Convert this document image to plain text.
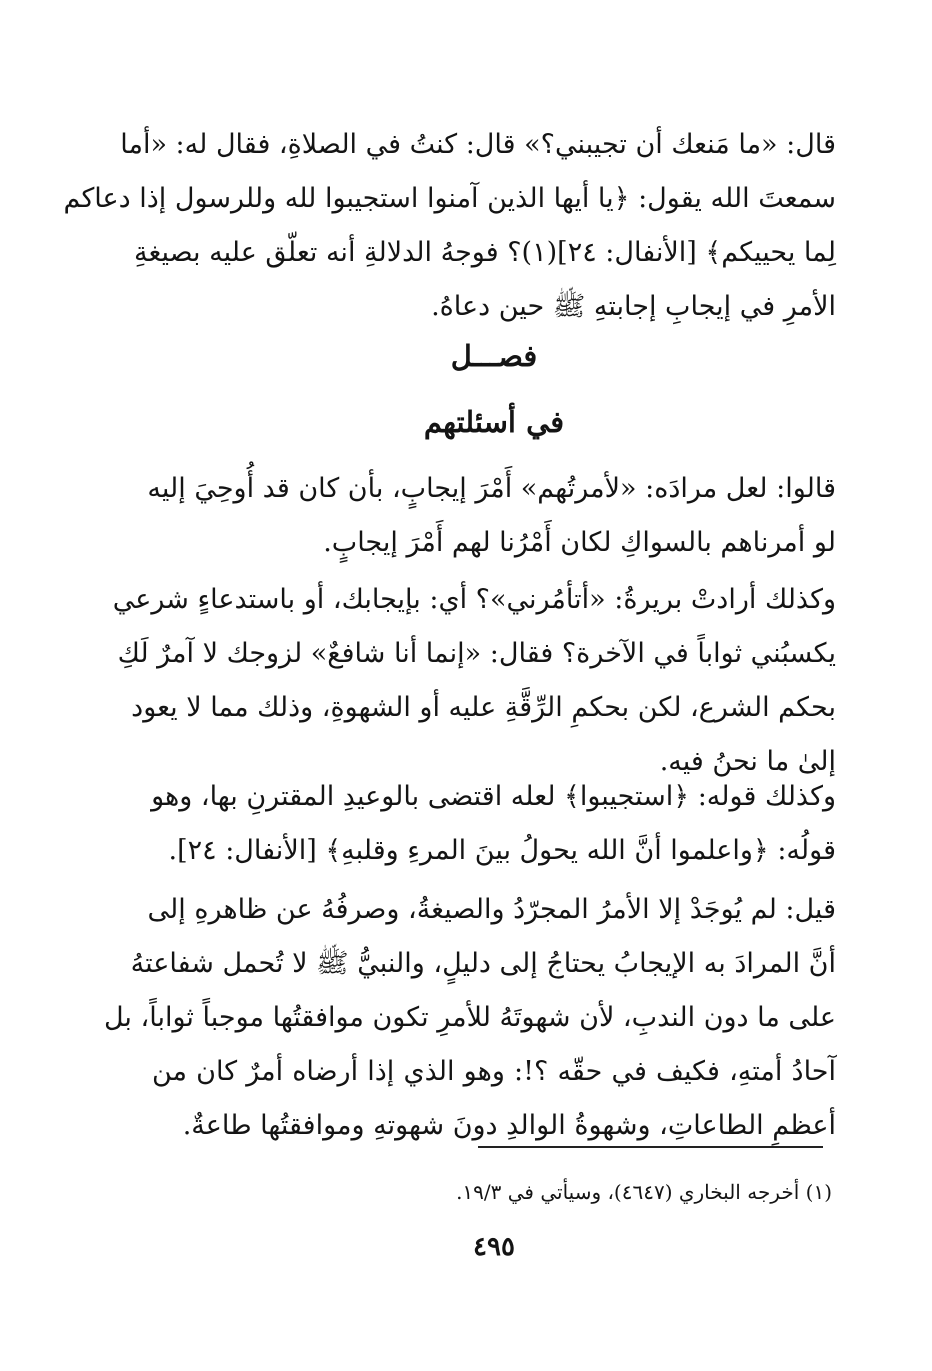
قال: «ما مَنعك أن تجيبني؟» قال: كنتُ في الصلاةِ، فقال له: «أما
سمعتَ الله يقول: ﴿يا أيها الذين آمنوا استجيبوا لله وللرسول إذا دعاكم
لِما يحييكم﴾ [الأنفال: ٢٤](١)؟ فوجهُ الدلالةِ أنه تعلّق عليه بصيغةِ
الأمرِ في إيجابِ إجابتهِ ﷺ حين دعاهُ.
فصـــل
في أسئلتهم
قالوا: لعل مرادَه: «لأمرتُهم» أَمْرَ إيجابٍ، بأن كان قد أُوحِيَ إليه
لو أمرناهم بالسواكِ لكان أَمْرُنا لهم أَمْرَ إيجابٍ.
وكذلك أرادتْ بريرةُ: «أتأمُرني»؟ أي: بإيجابك، أو باستدعاءٍ شرعي
يكسبُني ثواباً في الآخرة؟ فقال: «إنما أنا شافعٌ» لزوجك لا آمرٌ لَكِ
بحكم الشرع، لكن بحكمِ الرِّقَّةِ عليه أو الشهوةِ، وذلك مما لا يعود
إلىٰ ما نحنُ فيه.
وكذلك قوله: ﴿استجيبوا﴾ لعله اقتضى بالوعيدِ المقترنِ بها، وهو
قولُه: ﴿واعلموا أنَّ الله يحولُ بينَ المرءِ وقلبهِ﴾ [الأنفال: ٢٤].
قيل: لم يُوجَدْ إلا الأمرُ المجرّدُ والصيغةُ، وصرفُهُ عن ظاهرهِ إلى
أنَّ المرادَ به الإيجابُ يحتاجُ إلى دليلٍ، والنبيُّ ﷺ لا تُحمل شفاعتهُ
على ما دون الندبِ، لأن شهوتَهُ للأمرِ تكون موافقتُها موجباً ثواباً، بل
آحادُ أمتهِ، فكيف في حقّه ؟!: وهو الذي إذا أرضاه أمرٌ كان من
أعظمِ الطاعاتِ، وشهوةُ الوالدِ دونَ شهوتهِ وموافقتُها طاعةٌ.
(١) أخرجه البخاري (٤٦٤٧)، وسيأتي في ١٩/٣.
٤٩٥
